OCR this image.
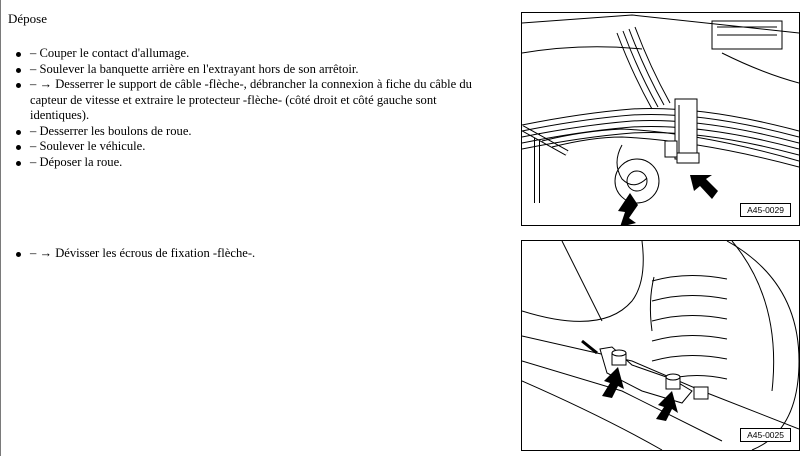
Dépose
– Couper le contact d'allumage.
– Soulever la banquette arrière en l'extrayant hors de son arrêtoir.
– → Desserrer le support de câble -flèche-, débrancher la connexion à fiche du câble du capteur de vitesse et extraire le protecteur -flèche- (côté droit et côté gauche sont identiques).
– Desserrer les boulons de roue.
– Soulever le véhicule.
– Déposer la roue.
– → Dévisser les écrous de fixation -flèche-.
A45-0029
A45-0025
